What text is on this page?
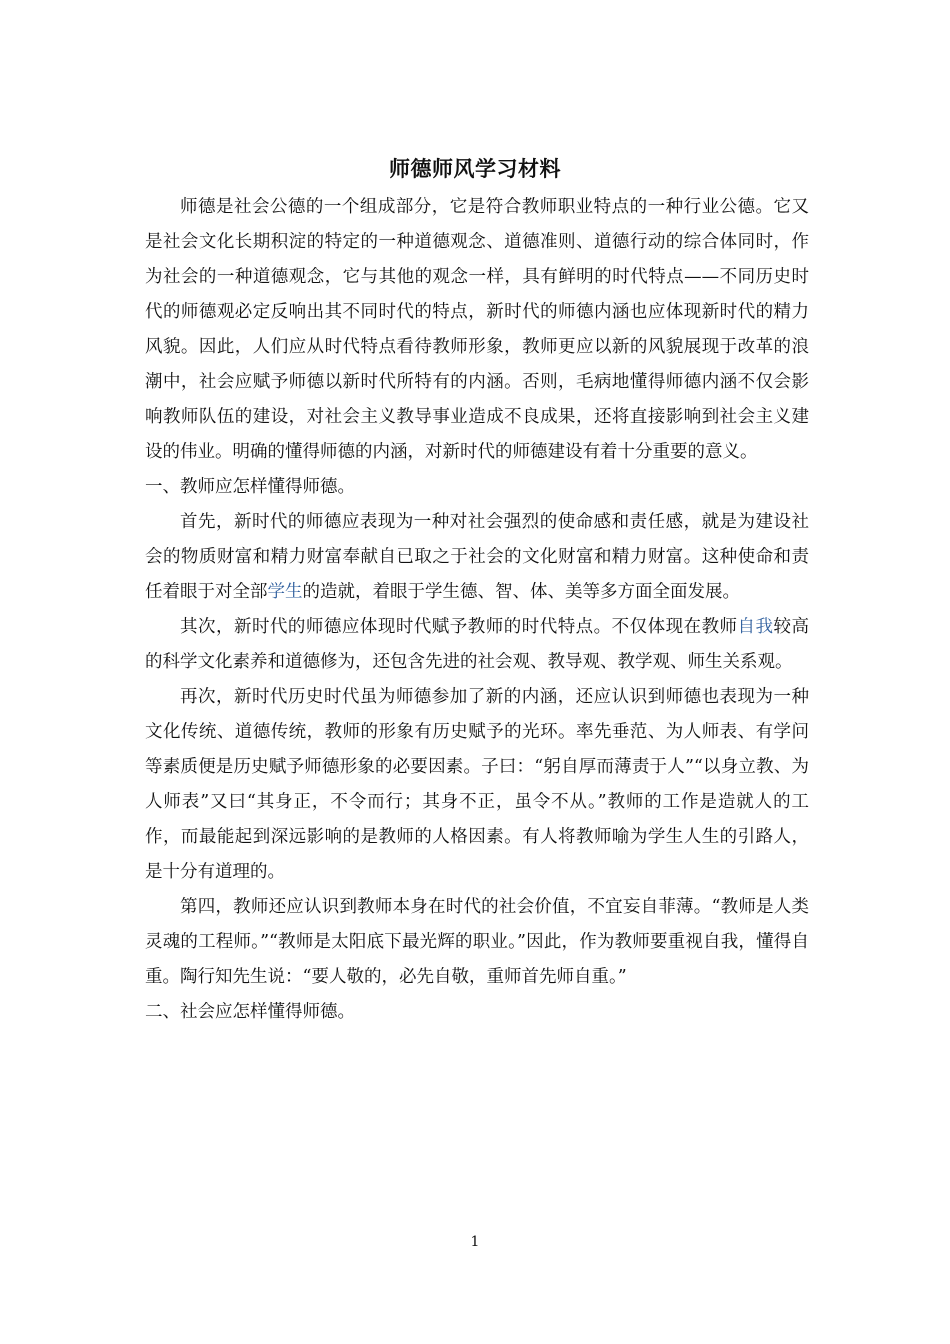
师德师风学习材料

师德是社会公德的一个组成部分，它是符合教师职业特点的一种行业公德。它又是社会文化长期积淀的特定的一种道德观念、道德准则、道德行动的综合体同时，作为社会的一种道德观念，它与其他的观念一样，具有鲜明的时代特点——不同历史时代的师德观必定反响出其不同时代的特点，新时代的师德内涵也应体现新时代的精力风貌。因此，人们应从时代特点看待教师形象，教师更应以新的风貌展现于改革的浪潮中，社会应赋予师德以新时代所特有的内涵。否则，毛病地懂得师德内涵不仅会影响教师队伍的建设，对社会主义教导事业造成不良成果，还将直接影响到社会主义建设的伟业。明确的懂得师德的内涵，对新时代的师德建设有着十分重要的意义。

一、教师应怎样懂得师德。

首先，新时代的师德应表现为一种对社会强烈的使命感和责任感，就是为建设社会的物质财富和精力财富奉献自已取之于社会的文化财富和精力财富。这种使命和责任着眼于对全部学生的造就，着眼于学生德、智、体、美等多方面全面发展。

其次，新时代的师德应体现时代赋予教师的时代特点。不仅体现在教师自我较高的科学文化素养和道德修为，还包含先进的社会观、教导观、教学观、师生关系观。

再次，新时代历史时代虽为师德参加了新的内涵，还应认识到师德也表现为一种文化传统、道德传统，教师的形象有历史赋予的光环。率先垂范、为人师表、有学问等素质便是历史赋予师德形象的必要因素。子曰：“躬自厚而薄责于人”“以身立教、为人师表”又曰“其身正，不令而行；其身不正，虽令不从。”教师的工作是造就人的工作，而最能起到深远影响的是教师的人格因素。有人将教师喻为学生人生的引路人，是十分有道理的。

第四，教师还应认识到教师本身在时代的社会价值，不宜妄自菲薄。“教师是人类灵魂的工程师。”“教师是太阳底下最光辉的职业。”因此，作为教师要重视自我，懂得自重。陶行知先生说：“要人敬的，必先自敬，重师首先师自重。”

二、社会应怎样懂得师德。

1
